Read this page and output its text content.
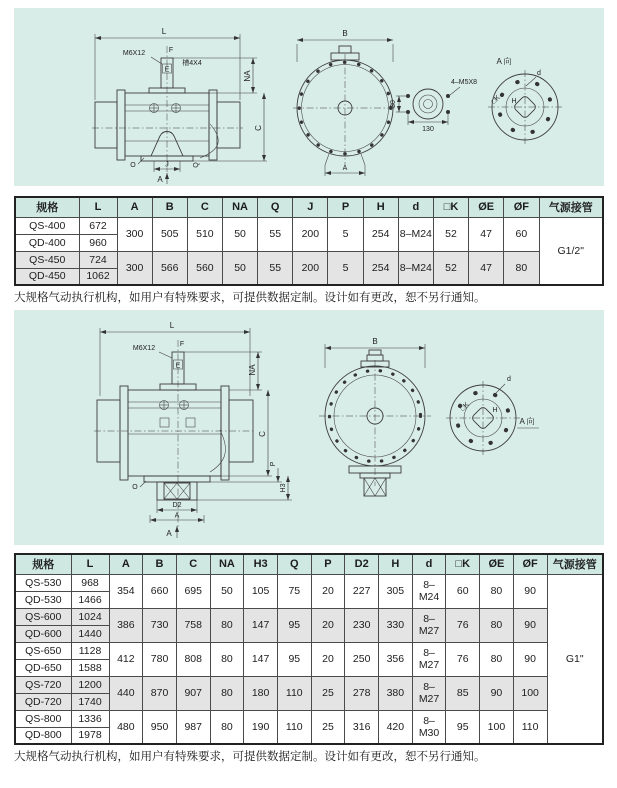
L
F
E
M6X12
槽4X4
NA
C
O	J	Q
A
B
A
30
130
4–M5X8
A 向
d
H
□K
规格	L	A	B	C	NA	Q	J	P	H	d	□K	ØE	ØF	气源接管
QS-400	672	300	505	510	50	55	200	5	254	8–M24	52	47	60	G1/2"
QD-400	960													
QS-450	724	300	566	560	50	55	200	5	254	8–M24	52	47	80	
QD-450	1062													
大规格气动执行机构，如用户有特殊要求，可提供数据定制。设计如有更改，恕不另行通知。
L
F
E
M6X12
NA
C
P
H3
O
D2
A
A
B
d
□K	H
A 向
规格	L	A	B	C	NA	H3	Q	P	D2	H	d	□K	ØE	ØF	气源接管
QS-530	968	354	660	695	50	105	75	20	227	305	8–M24	60	80	90	G1"
QD-530	1466														
QS-600	1024	386	730	758	80	147	95	20	230	330	8–M27	76	80	90	
QD-600	1440														
QS-650	1128	412	780	808	80	147	95	20	250	356	8–M27	76	80	90	
QD-650	1588														
QS-720	1200	440	870	907	80	180	110	25	278	380	8–M27	85	90	100	
QD-720	1740														
QS-800	1336	480	950	987	80	190	110	25	316	420	8–M30	95	100	110	
QD-800	1978														
大规格气动执行机构，如用户有特殊要求，可提供数据定制。设计如有更改，恕不另行通知。
